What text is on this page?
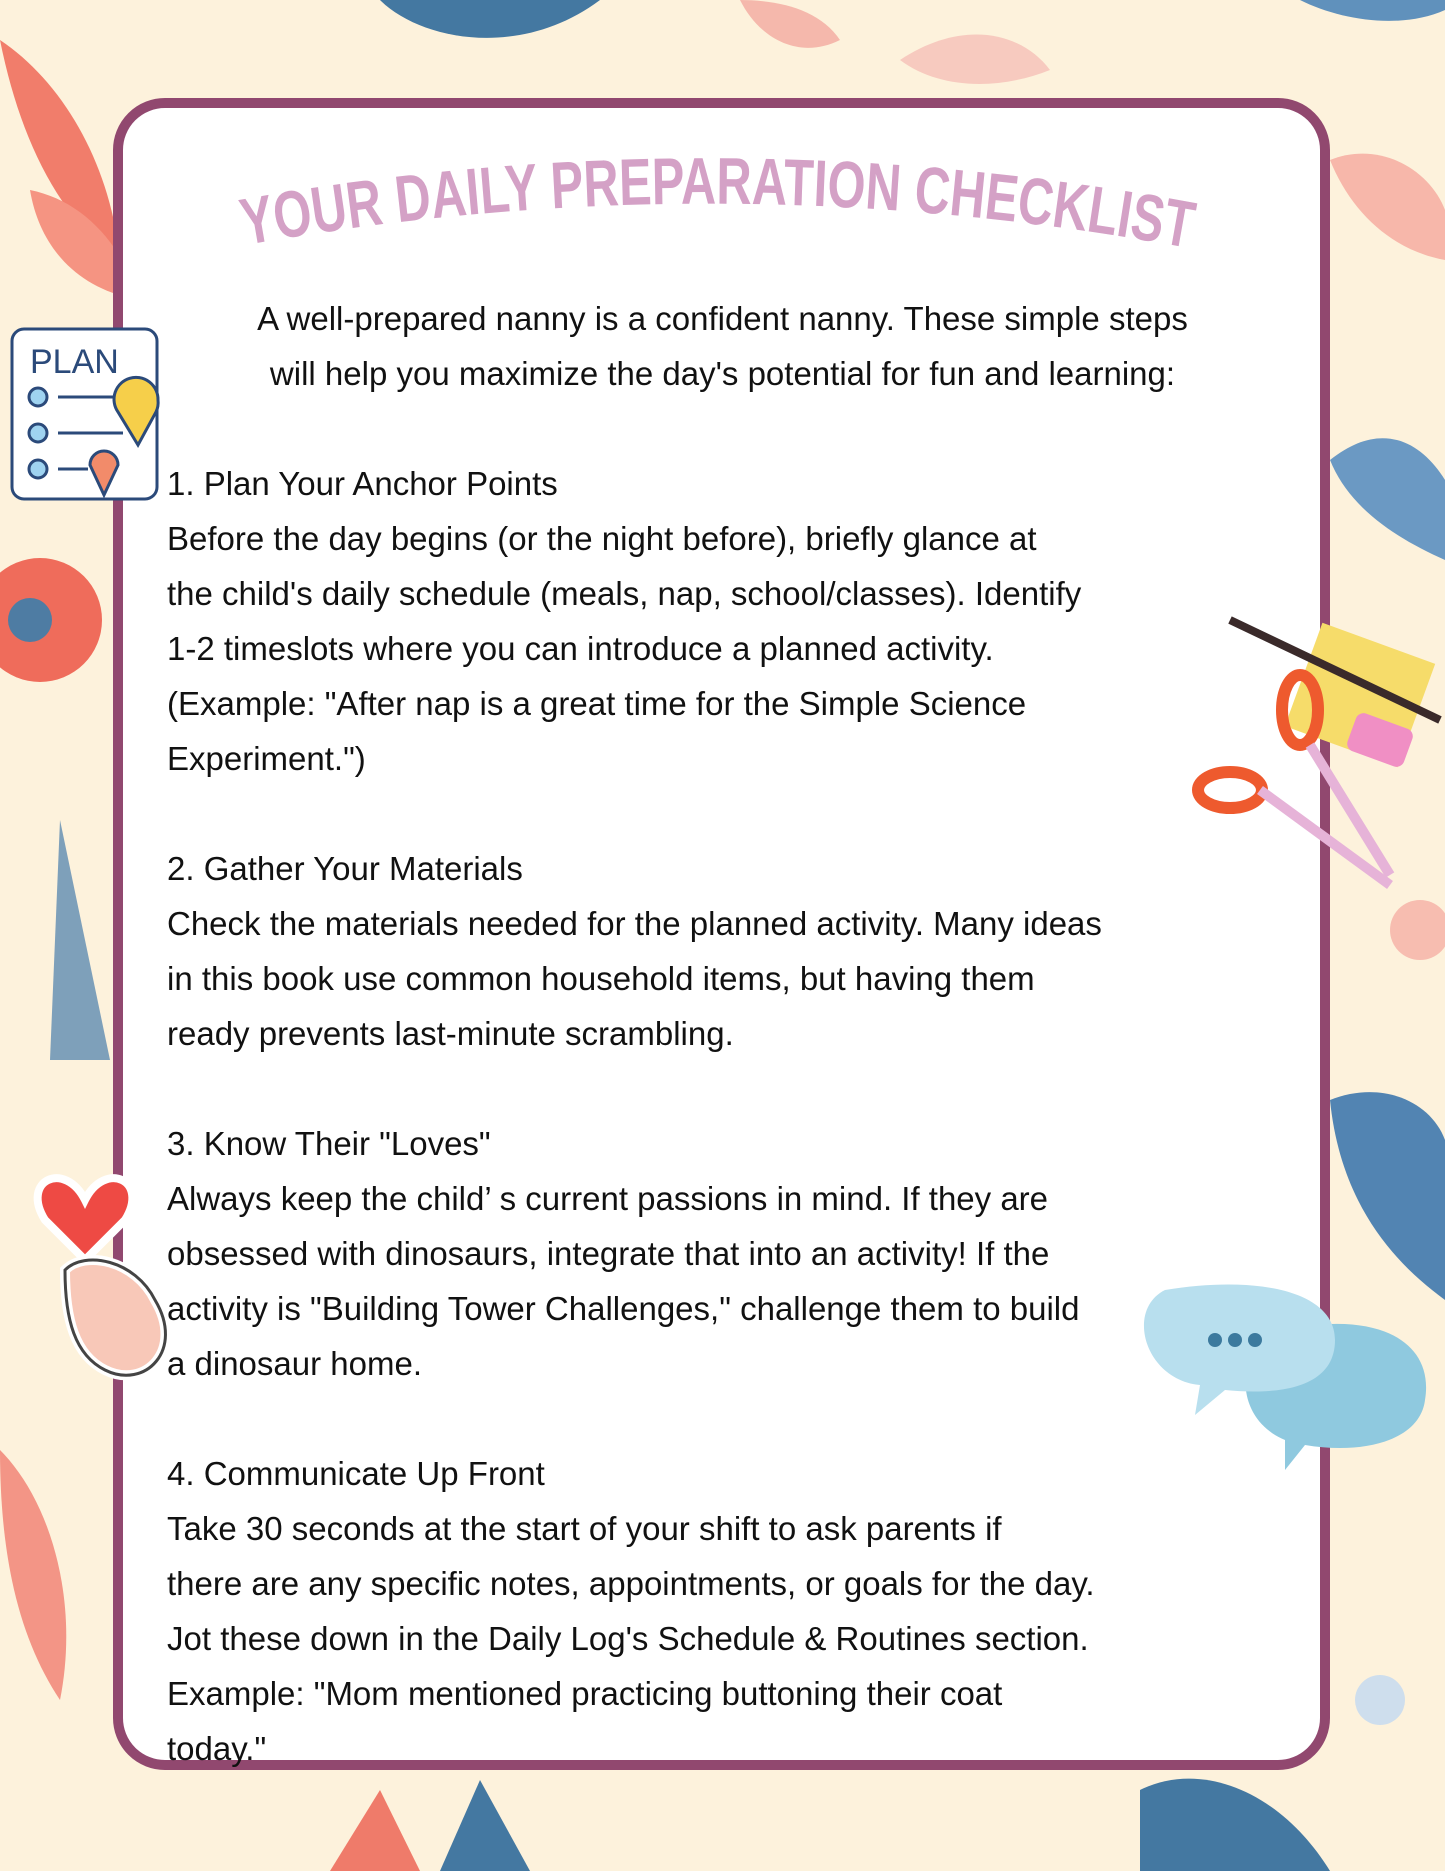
YOUR DAILY PREPARATION CHECKLIST
A well-prepared nanny is a confident nanny. These simple steps
will help you maximize the day's potential for fun and learning:
1. Plan Your Anchor Points
Before the day begins (or the night before), briefly glance at
the child's daily schedule (meals, nap, school/classes). Identify
1-2 timeslots where you can introduce a planned activity.
(Example: "After nap is a great time for the Simple Science
Experiment.")
2. Gather Your Materials
Check the materials needed for the planned activity. Many ideas
in this book use common household items, but having them
ready prevents last-minute scrambling.
3. Know Their "Loves"
Always keep the child’ s current passions in mind. If they are
obsessed with dinosaurs, integrate that into an activity! If the
activity is "Building Tower Challenges," challenge them to build
a dinosaur home.
4. Communicate Up Front
Take 30 seconds at the start of your shift to ask parents if
there are any specific notes, appointments, or goals for the day.
Jot these down in the Daily Log's Schedule & Routines section.
Example: "Mom mentioned practicing buttoning their coat
today."
PLAN
